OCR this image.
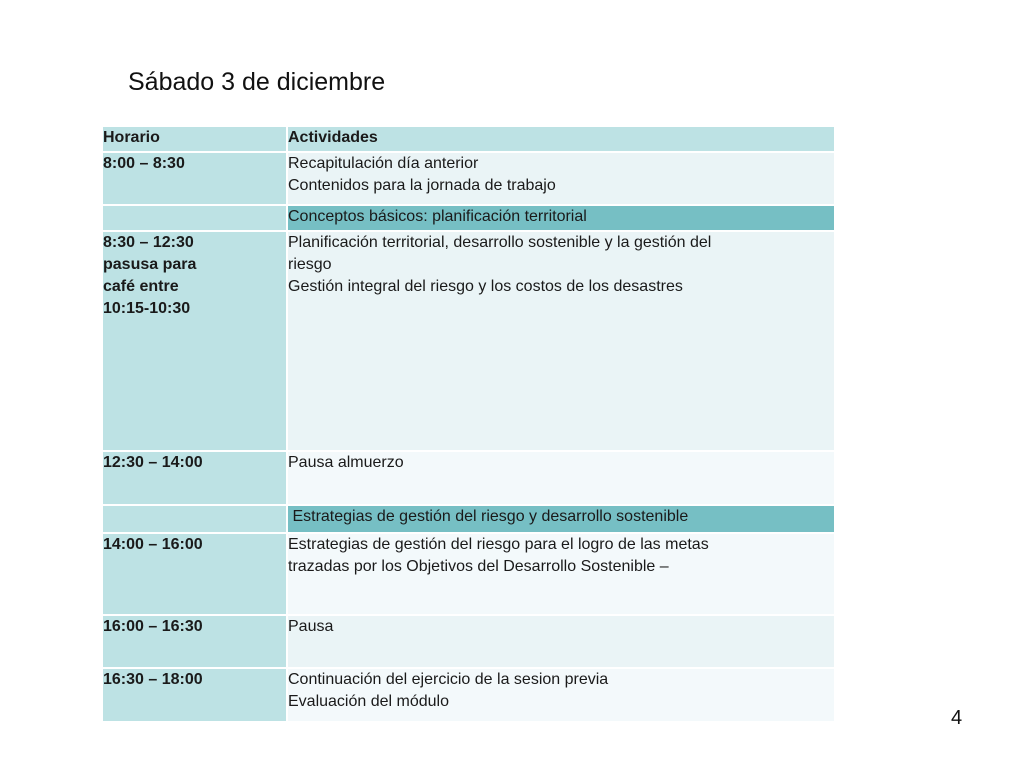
Sábado 3 de diciembre
Horario	Actividades

8:00 – 8:30	Recapitulación día anterior
Contenidos para la jornada de trabajo

	Conceptos básicos: planificación territorial

8:30 – 12:30
pasusa para
café entre
10:15-10:30	Planificación territorial, desarrollo sostenible y la gestión del
riesgo
Gestión integral del riesgo y los costos de los desastres

12:30 – 14:00	Pausa almuerzo

	Estrategias de gestión del riesgo y desarrollo sostenible

14:00 – 16:00	Estrategias de gestión del riesgo para el logro de las metas
trazadas por los Objetivos del Desarrollo Sostenible –

16:00 – 16:30	Pausa

16:30 – 18:00	Continuación del ejercicio de la sesion previa
Evaluación del módulo
4
